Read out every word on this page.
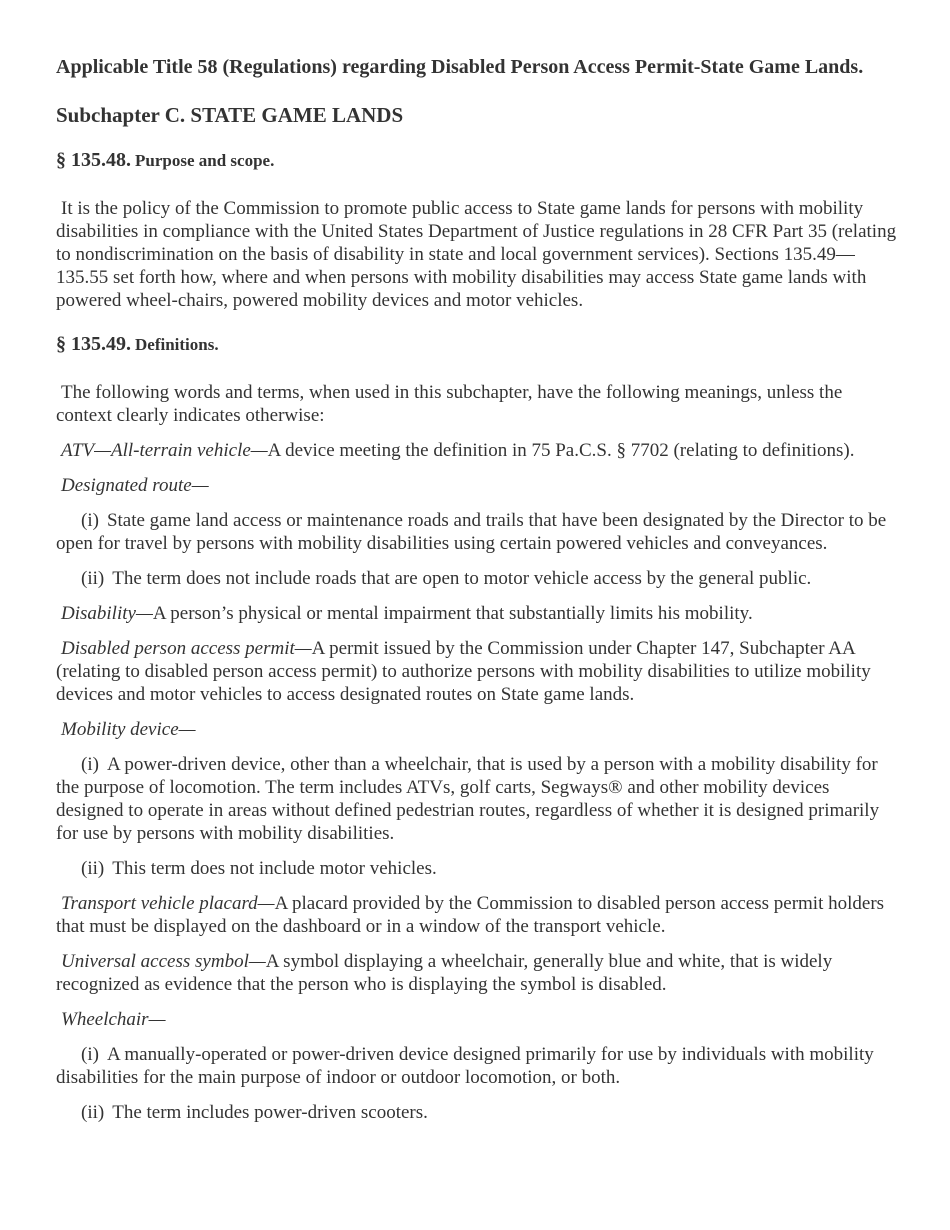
Applicable Title 58 (Regulations) regarding Disabled Person Access Permit-State Game Lands.
Subchapter C. STATE GAME LANDS
§ 135.48. Purpose and scope.

It is the policy of the Commission to promote public access to State game lands for persons with mobility disabilities in compliance with the United States Department of Justice regulations in 28 CFR Part 35 (relating to nondiscrimination on the basis of disability in state and local government services). Sections 135.49—135.55 set forth how, where and when persons with mobility disabilities may access State game lands with powered wheel-chairs, powered mobility devices and motor vehicles.

§ 135.49. Definitions.

The following words and terms, when used in this subchapter, have the following meanings, unless the context clearly indicates otherwise:

ATV—All-terrain vehicle—A device meeting the definition in 75 Pa.C.S. § 7702 (relating to definitions).

Designated route—

(i) State game land access or maintenance roads and trails that have been designated by the Director to be open for travel by persons with mobility disabilities using certain powered vehicles and conveyances.

(ii) The term does not include roads that are open to motor vehicle access by the general public.

Disability—A person’s physical or mental impairment that substantially limits his mobility.

Disabled person access permit—A permit issued by the Commission under Chapter 147, Subchapter AA (relating to disabled person access permit) to authorize persons with mobility disabilities to utilize mobility devices and motor vehicles to access designated routes on State game lands.

Mobility device—

(i) A power-driven device, other than a wheelchair, that is used by a person with a mobility disability for the purpose of locomotion. The term includes ATVs, golf carts, Segways® and other mobility devices designed to operate in areas without defined pedestrian routes, regardless of whether it is designed primarily for use by persons with mobility disabilities.

(ii) This term does not include motor vehicles.

Transport vehicle placard—A placard provided by the Commission to disabled person access permit holders that must be displayed on the dashboard or in a window of the transport vehicle.

Universal access symbol—A symbol displaying a wheelchair, generally blue and white, that is widely recognized as evidence that the person who is displaying the symbol is disabled.

Wheelchair—

(i) A manually-operated or power-driven device designed primarily for use by individuals with mobility disabilities for the main purpose of indoor or outdoor locomotion, or both.

(ii) The term includes power-driven scooters.
